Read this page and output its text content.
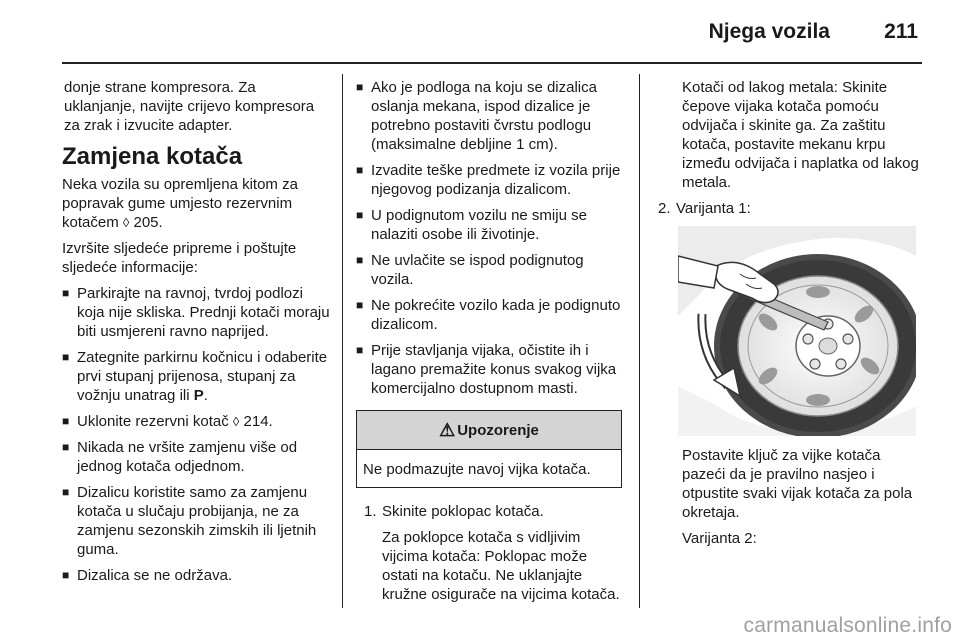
Njega vozila	211

donje strane kompresora. Za uklanjanje, navijte crijevo kompresora za zrak i izvucite adapter.

Zamjena kotača

Neka vozila su opremljena kitom za popravak gume umjesto rezervnim kotačem ◊ 205.

Izvršite sljedeće pripreme i poštujte sljedeće informacije:

■ Parkirajte na ravnoj, tvrdoj podlozi koja nije skliska. Prednji kotači moraju biti usmjereni ravno naprijed.
■ Zategnite parkirnu kočnicu i odaberite prvi stupanj prijenosa, stupanj za vožnju unatrag ili P.
■ Uklonite rezervni kotač ◊ 214.
■ Nikada ne vršite zamjenu više od jednog kotača odjednom.
■ Dizalicu koristite samo za zamjenu kotača u slučaju probijanja, ne za zamjenu sezonskih zimskih ili ljetnih guma.
■ Dizalica se ne održava.
■ Ako je podloga na koju se dizalica oslanja mekana, ispod dizalice je potrebno postaviti čvrstu podlogu (maksimalne debljine 1 cm).
■ Izvadite teške predmete iz vozila prije njegovog podizanja dizalicom.
■ U podignutom vozilu ne smiju se nalaziti osobe ili životinje.
■ Ne uvlačite se ispod podignutog vozila.
■ Ne pokrećite vozilo kada je podignuto dizalicom.
■ Prije stavljanja vijaka, očistite ih i lagano premažite konus svakog vijka komercijalno dostupnom masti.
⚠ Upozorenje
Ne podmazujte navoj vijka kotača.
1. Skinite poklopac kotača.

Za poklopce kotača s vidljivim vijcima kotača: Poklopac može ostati na kotaču. Ne uklanjajte kružne osigurače na vijcima kotača.

Kotači od lakog metala: Skinite čepove vijaka kotača pomoću odvijača i skinite ga. Za zaštitu kotača, postavite mekanu krpu između odvijača i naplatka od lakog metala.

2. Varijanta 1:

Postavite ključ za vijke kotača pazeći da je pravilno nasjeo i otpustite svaki vijak kotača za pola okretaja.

Varijanta 2:

carmanualsonline.info
